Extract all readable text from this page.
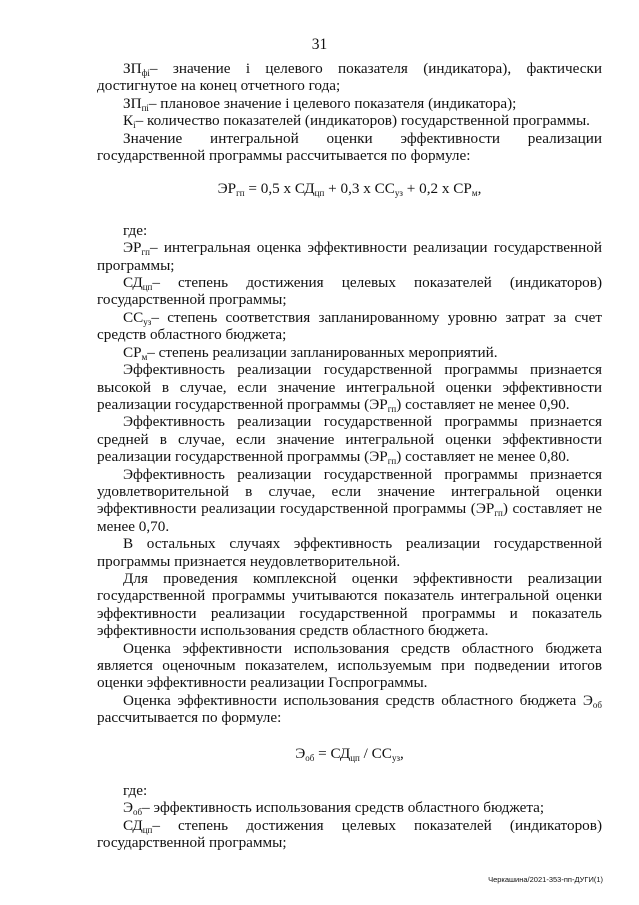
31

$ЗП_{фi}-$ значение i целевого показателя (индикатора), фактически достигнутое на конец отчетного года;

$ЗП_{пi}-$ плановое значение i целевого показателя (индикатора);

$К_i-$ количество показателей (индикаторов) государственной программы.

Значение интегральной оценки эффективности реализации государственной программы рассчитывается по формуле:

$ЭР_{гп} = 0,5$ х $СД_{цп} + 0,3$ х $СС_{уз} + 0,2$ х $СР_м$,

где:

$ЭР_{гп}-$ интегральная оценка эффективности реализации государственной программы;

$СД_{цп}-$ степень достижения целевых показателей (индикаторов) государственной программы;

$СС_{уз}-$ степень соответствия запланированному уровню затрат за счет средств областного бюджета;

$СР_м-$ степень реализации запланированных мероприятий.

Эффективность реализации государственной программы признается высокой в случае, если значение интегральной оценки эффективности реализации государственной программы $(ЭР_{гп})$ составляет не менее 0,90.

Эффективность реализации государственной программы признается средней в случае, если значение интегральной оценки эффективности реализации государственной программы $(ЭР_{гп})$ составляет не менее 0,80.

Эффективность реализации государственной программы признается удовлетворительной в случае, если значение интегральной оценки эффективности реализации государственной программы $(ЭР_{гп})$ составляет не менее 0,70.

В остальных случаях эффективность реализации государственной программы признается неудовлетворительной.

Для проведения комплексной оценки эффективности реализации государственной программы учитываются показатель интегральной оценки эффективности реализации государственной программы и показатель эффективности использования средств областного бюджета.

Оценка эффективности использования средств областного бюджета является оценочным показателем, используемым при подведении итогов оценки эффективности реализации Госпрограммы.

Оценка эффективности использования средств областного бюджета $Э_{об}$ рассчитывается по формуле:

$Э_{об} = СД_{цп} / СС_{уз}$,

где:

$Э_{об}-$ эффективность использования средств областного бюджета;

$СД_{цп}-$ степень достижения целевых показателей (индикаторов) государственной программы;

Черкашина/2021-353-пп-ДУГИ(1)
